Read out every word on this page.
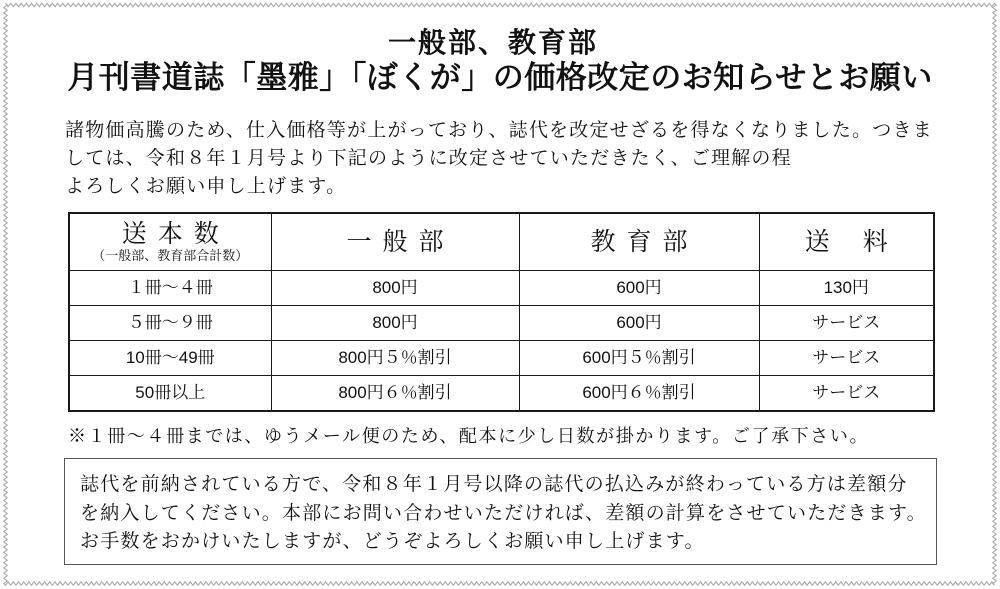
一般部、教育部
月刊書道誌「墨雅」「ぼくが」の価格改定のお知らせとお願い
諸物価高騰のため、仕入価格等が上がっており、誌代を改定せざるを得なくなりました。つきま
しては、令和８年１月号より下記のように改定させていただきたく、ご理解の程
よろしくお願い申し上げます。
送本数
（一般部、教育部合計数）	一般部	教育部	送　料

１冊～４冊	800円	600円	130円
５冊～９冊	800円	600円	サービス
10冊～49冊	800円５％割引	600円５％割引	サービス
50冊以上	800円６％割引	600円６％割引	サービス
※１冊～４冊までは、ゆうメール便のため、配本に少し日数が掛かります。ご了承下さい。
誌代を前納されている方で、令和８年１月号以降の誌代の払込みが終わっている方は差額分
を納入してください。本部にお問い合わせいただければ、差額の計算をさせていただきます。
お手数をおかけいたしますが、どうぞよろしくお願い申し上げます。
